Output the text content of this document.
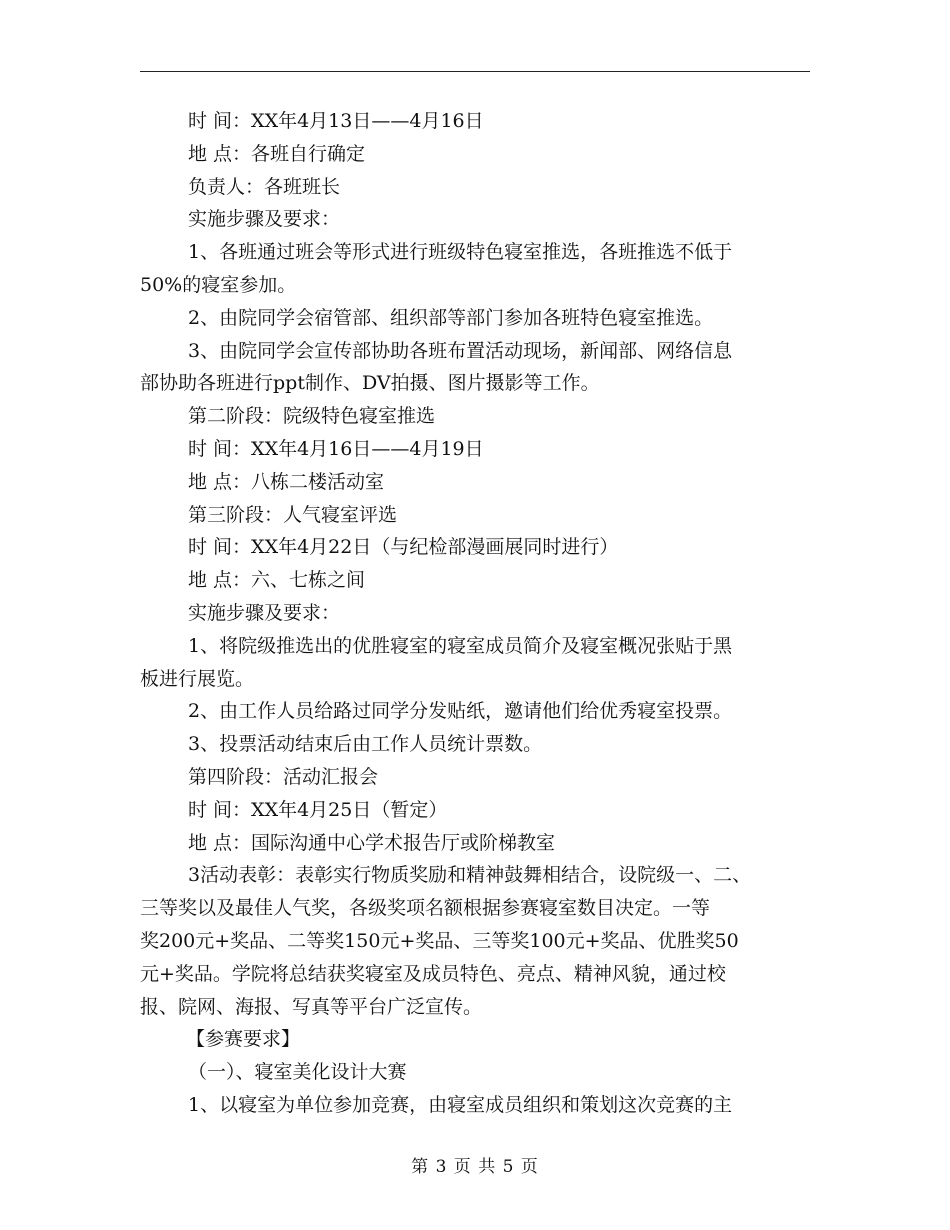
时 间：XX年4月13日——4月16日
地 点：各班自行确定
负责人：各班班长
实施步骤及要求：
1、各班通过班会等形式进行班级特色寝室推选，各班推选不低于
50%的寝室参加。
2、由院同学会宿管部、组织部等部门参加各班特色寝室推选。
3、由院同学会宣传部协助各班布置活动现场，新闻部、网络信息
部协助各班进行ppt制作、DV拍摄、图片摄影等工作。
第二阶段：院级特色寝室推选
时 间：XX年4月16日——4月19日
地 点：八栋二楼活动室
第三阶段：人气寝室评选
时 间：XX年4月22日（与纪检部漫画展同时进行）
地 点：六、七栋之间
实施步骤及要求：
1、将院级推选出的优胜寝室的寝室成员简介及寝室概况张贴于黑
板进行展览。
2、由工作人员给路过同学分发贴纸，邀请他们给优秀寝室投票。
3、投票活动结束后由工作人员统计票数。
第四阶段：活动汇报会
时 间：XX年4月25日（暂定）
地 点：国际沟通中心学术报告厅或阶梯教室
3活动表彰：表彰实行物质奖励和精神鼓舞相结合，设院级一、二、
三等奖以及最佳人气奖，各级奖项名额根据参赛寝室数目决定。一等
奖200元+奖品、二等奖150元+奖品、三等奖100元+奖品、优胜奖50
元+奖品。学院将总结获奖寝室及成员特色、亮点、精神风貌，通过校
报、院网、海报、写真等平台广泛宣传。
【参赛要求】
（一）、寝室美化设计大赛
1、以寝室为单位参加竞赛，由寝室成员组织和策划这次竞赛的主
第 3 页 共 5 页
